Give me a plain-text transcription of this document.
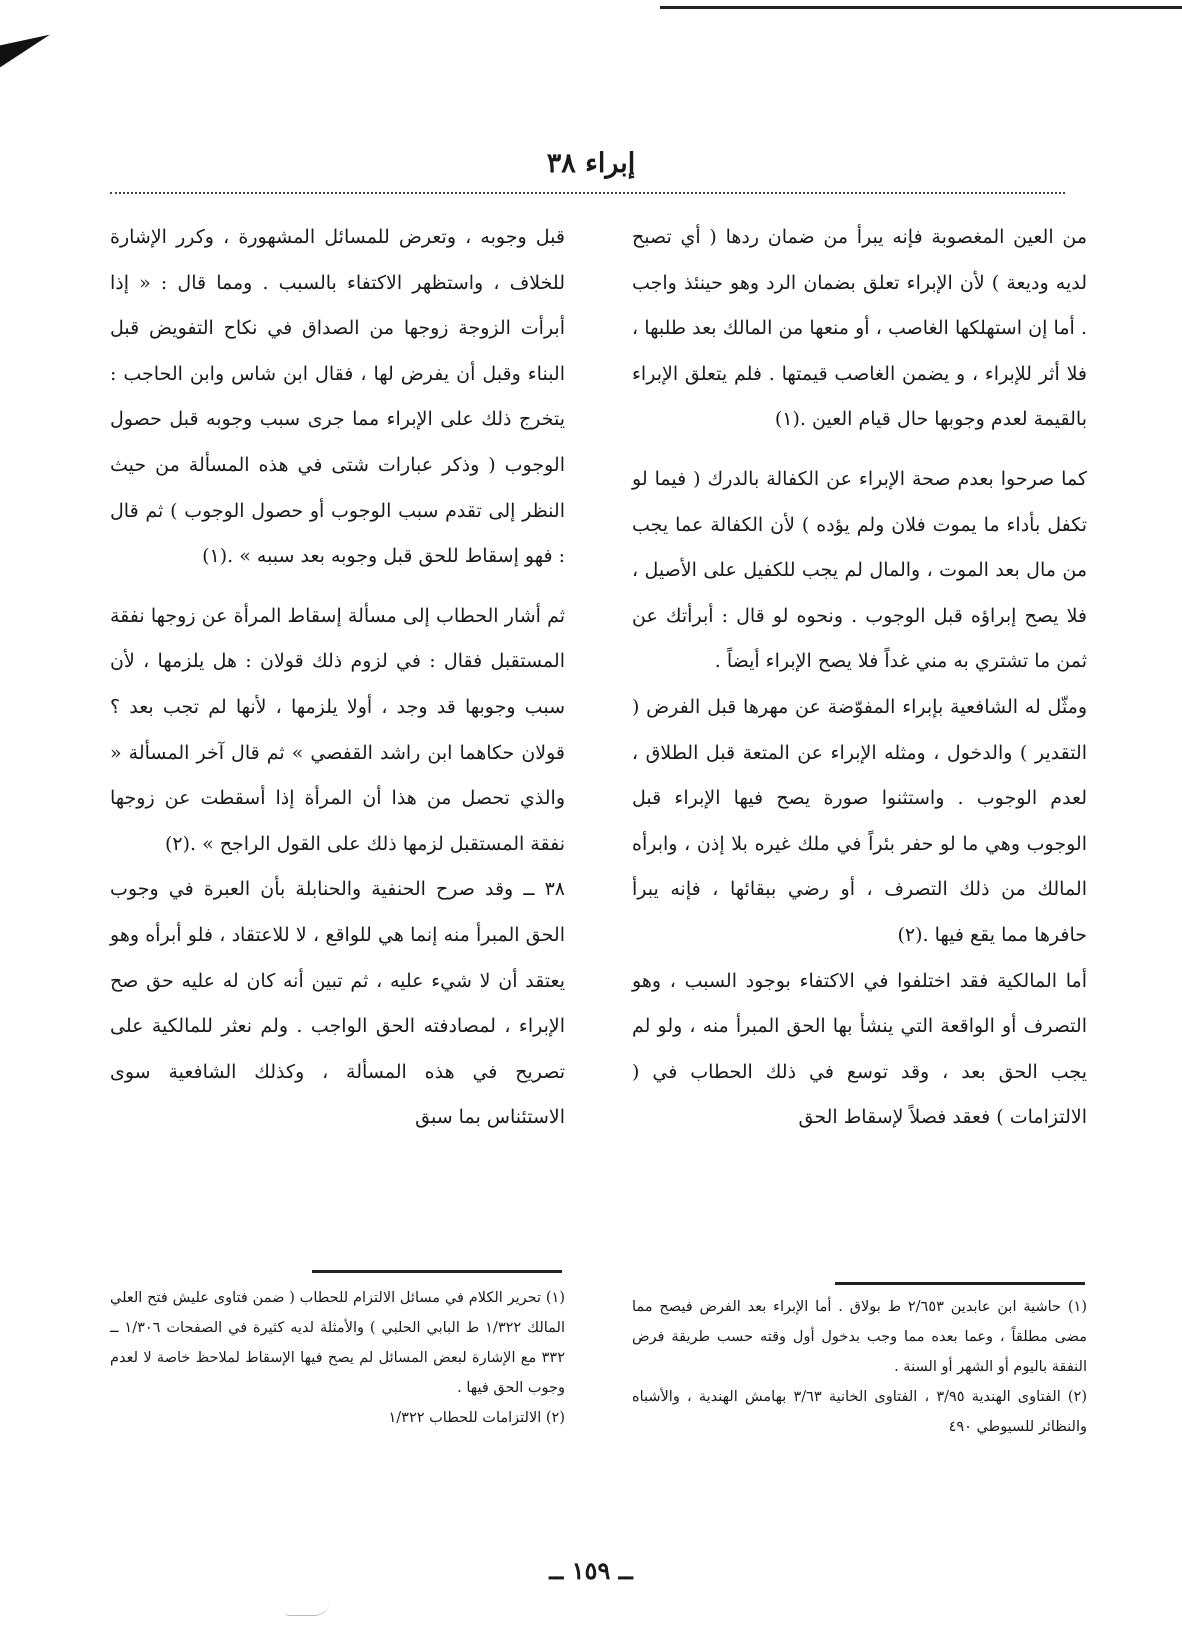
إبراء ٣٨

من العين المغصوبة فإنه يبرأ من ضمان ردها ( أي تصبح لديه وديعة ) لأن الإبراء تعلق بضمان الرد وهو حينئذ واجب . أما إن استهلكها الغاصب ، أو منعها من المالك بعد طلبها ، فلا أثر للإبراء ، و يضمن الغاصب قيمتها . فلم يتعلق الإبراء بالقيمة لعدم وجوبها حال قيام العين .(١)

كما صرحوا بعدم صحة الإبراء عن الكفالة بالدرك ( فيما لو تكفل بأداء ما يموت فلان ولم يؤده ) لأن الكفالة عما يجب من مال بعد الموت ، والمال لم يجب للكفيل على الأصيل ، فلا يصح إبراؤه قبل الوجوب . ونحوه لو قال : أبرأتك عن ثمن ما تشتري به مني غداً فلا يصح الإبراء أيضاً .

ومثّل له الشافعية بإبراء المفوّضة عن مهرها قبل الفرض ( التقدير ) والدخول ، ومثله الإبراء عن المتعة قبل الطلاق ، لعدم الوجوب . واستثنوا صورة يصح فيها الإبراء قبل الوجوب وهي ما لو حفر بئراً في ملك غيره بلا إذن ، وابرأه المالك من ذلك التصرف ، أو رضي ببقائها ، فإنه يبرأ حافرها مما يقع فيها .(٢)

أما المالكية فقد اختلفوا في الاكتفاء بوجود السبب ، وهو التصرف أو الواقعة التي ينشأ بها الحق المبرأ منه ، ولو لم يجب الحق بعد ، وقد توسع في ذلك الحطاب في ( الالتزامات ) فعقد فصلاً لإسقاط الحق

قبل وجوبه ، وتعرض للمسائل المشهورة ، وكرر الإشارة للخلاف ، واستظهر الاكتفاء بالسبب . ومما قال : « إذا أبرأت الزوجة زوجها من الصداق في نكاح التفويض قبل البناء وقبل أن يفرض لها ، فقال ابن شاس وابن الحاجب : يتخرج ذلك على الإبراء مما جرى سبب وجوبه قبل حصول الوجوب ( وذكر عبارات شتى في هذه المسألة من حيث النظر إلى تقدم سبب الوجوب أو حصول الوجوب ) ثم قال : فهو إسقاط للحق قبل وجوبه بعد سببه » .(١)

ثم أشار الحطاب إلى مسألة إسقاط المرأة عن زوجها نفقة المستقبل فقال : في لزوم ذلك قولان : هل يلزمها ، لأن سبب وجوبها قد وجد ، أولا يلزمها ، لأنها لم تجب بعد ؟ قولان حكاهما ابن راشد القفصي » ثم قال آخر المسألة « والذي تحصل من هذا أن المرأة إذا أسقطت عن زوجها نفقة المستقبل لزمها ذلك على القول الراجح » .(٢)

٣٨ ــ وقد صرح الحنفية والحنابلة بأن العبرة في وجوب الحق المبرأ منه إنما هي للواقع ، لا للاعتقاد ، فلو أبرأه وهو يعتقد أن لا شيء عليه ، ثم تبين أنه كان له عليه حق صح الإبراء ، لمصادفته الحق الواجب . ولم نعثر للمالكية على تصريح في هذه المسألة ، وكذلك الشافعية سوى الاستئناس بما سبق

(١) حاشية ابن عابدين ٢/٦٥٣ ط بولاق . أما الإبراء بعد الفرض فيصح مما مضى مطلقاً ، وعما بعده مما وجب بدخول أول وقته حسب طريقة فرض النفقة باليوم أو الشهر أو السنة .

(٢) الفتاوى الهندية ٣/٩٥ ، الفتاوى الخانية ٣/٦٣ بهامش الهندية ، والأشباه والنظائر للسيوطي ٤٩٠

(١) تحرير الكلام في مسائل الالتزام للحطاب ( ضمن فتاوى عليش فتح العلي المالك ١/٣٢٢ ط البابي الحلبي ) والأمثلة لديه كثيرة في الصفحات ١/٣٠٦ ــ ٣٣٢ مع الإشارة لبعض المسائل لم يصح فيها الإسقاط لملاحظ خاصة لا لعدم وجوب الحق فيها .

(٢) الالتزامات للحطاب ١/٣٢٢

ــ ١٥٩ ــ
